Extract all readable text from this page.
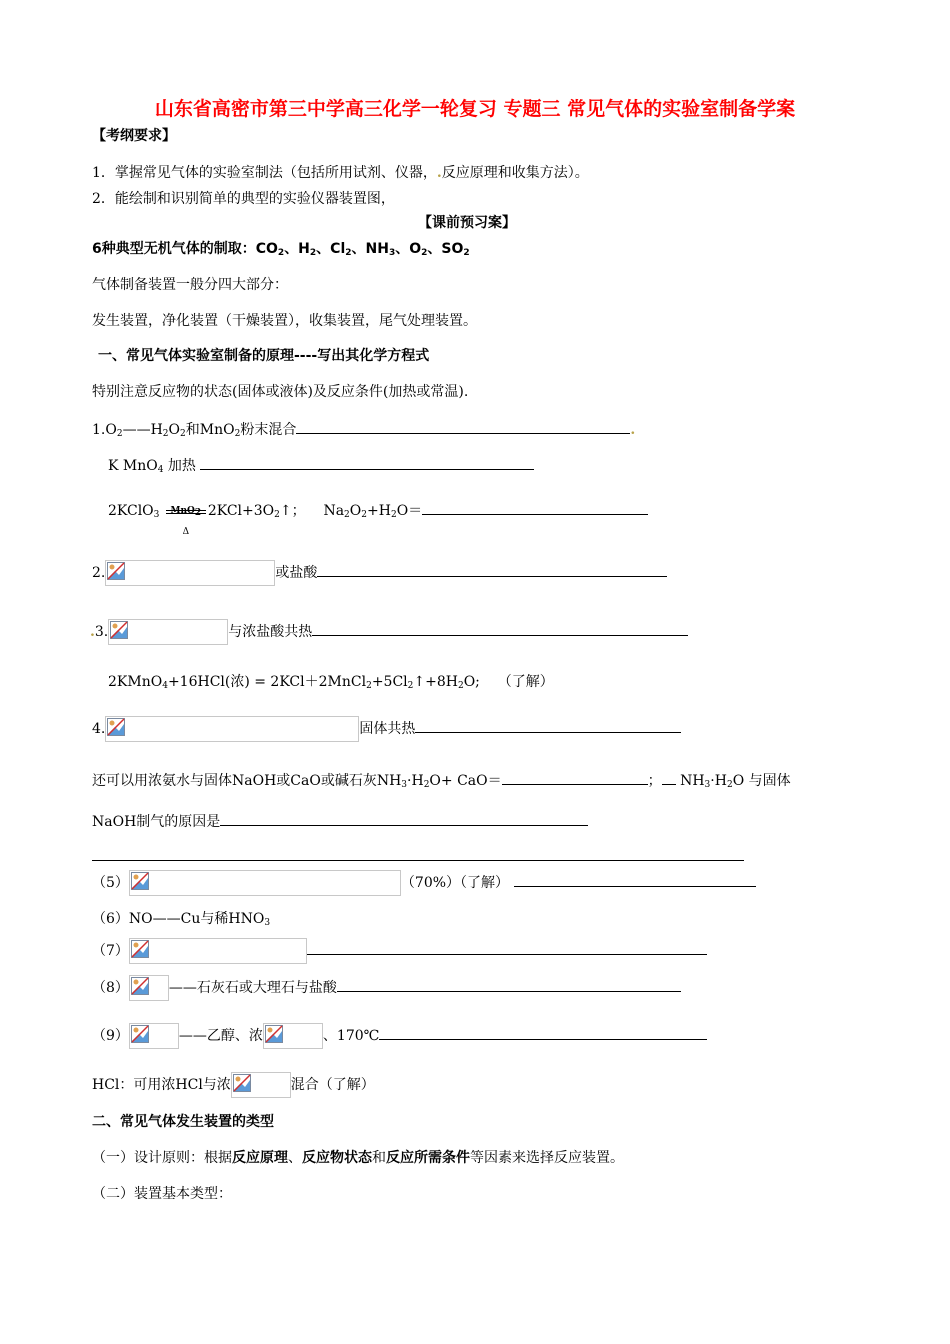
山东省高密市第三中学高三化学一轮复习 专题三 常见气体的实验室制备学案
【考纲要求】
1．掌握常见气体的实验室制法（包括所用试剂、仪器，.反应原理和收集方法）。
2．能绘制和识别简单的典型的实验仪器装置图，
【课前预习案】
6种典型无机气体的制取：$CO_2$、$H_2$、$Cl_2$、$NH_3$、$O_2$、$SO_2$
气体制备装置一般分四大部分：
发生装置，净化装置（干燥装置），收集装置，尾气处理装置。
一、常见气体实验室制备的原理----写出其化学方程式
特别注意反应物的状态(固体或液体)及反应条件(加热或常温).
$1.O_2——H_2O_2$和MnO$_2$粉末混合	.
K MnO$_4$ 加热
2KClO$_3$	MnO$_2$
Δ
$2KCl+3O_2↑$； $Na_2O_2+H_2O=$
2.	或盐酸
.3.	与浓盐酸共热
2KMnO$_4$+16HCl(浓) = $2KCl+2MnCl_2+5Cl_2↑+8H_2O$; （了解）
4.	固体共热
还可以用浓氨水与固体NaOH或CaO或碱石灰$NH_3\cdot H_2O+ CaO=$	； $NH_3\cdot H_2O$ 与固体
NaOH制气的原因是
（5）	（70%）（了解）
（6）NO——Cu与稀$HNO_3$
（7）
（8）	——石灰石或大理石与盐酸
（9）	——乙醇、浓	、170℃
HCl：可用浓HCl与浓	混合（了解）
二、常见气体发生装置的类型
（一）设计原则：根据反应原理、反应物状态和反应所需条件等因素来选择反应装置。
（二）装置基本类型：
